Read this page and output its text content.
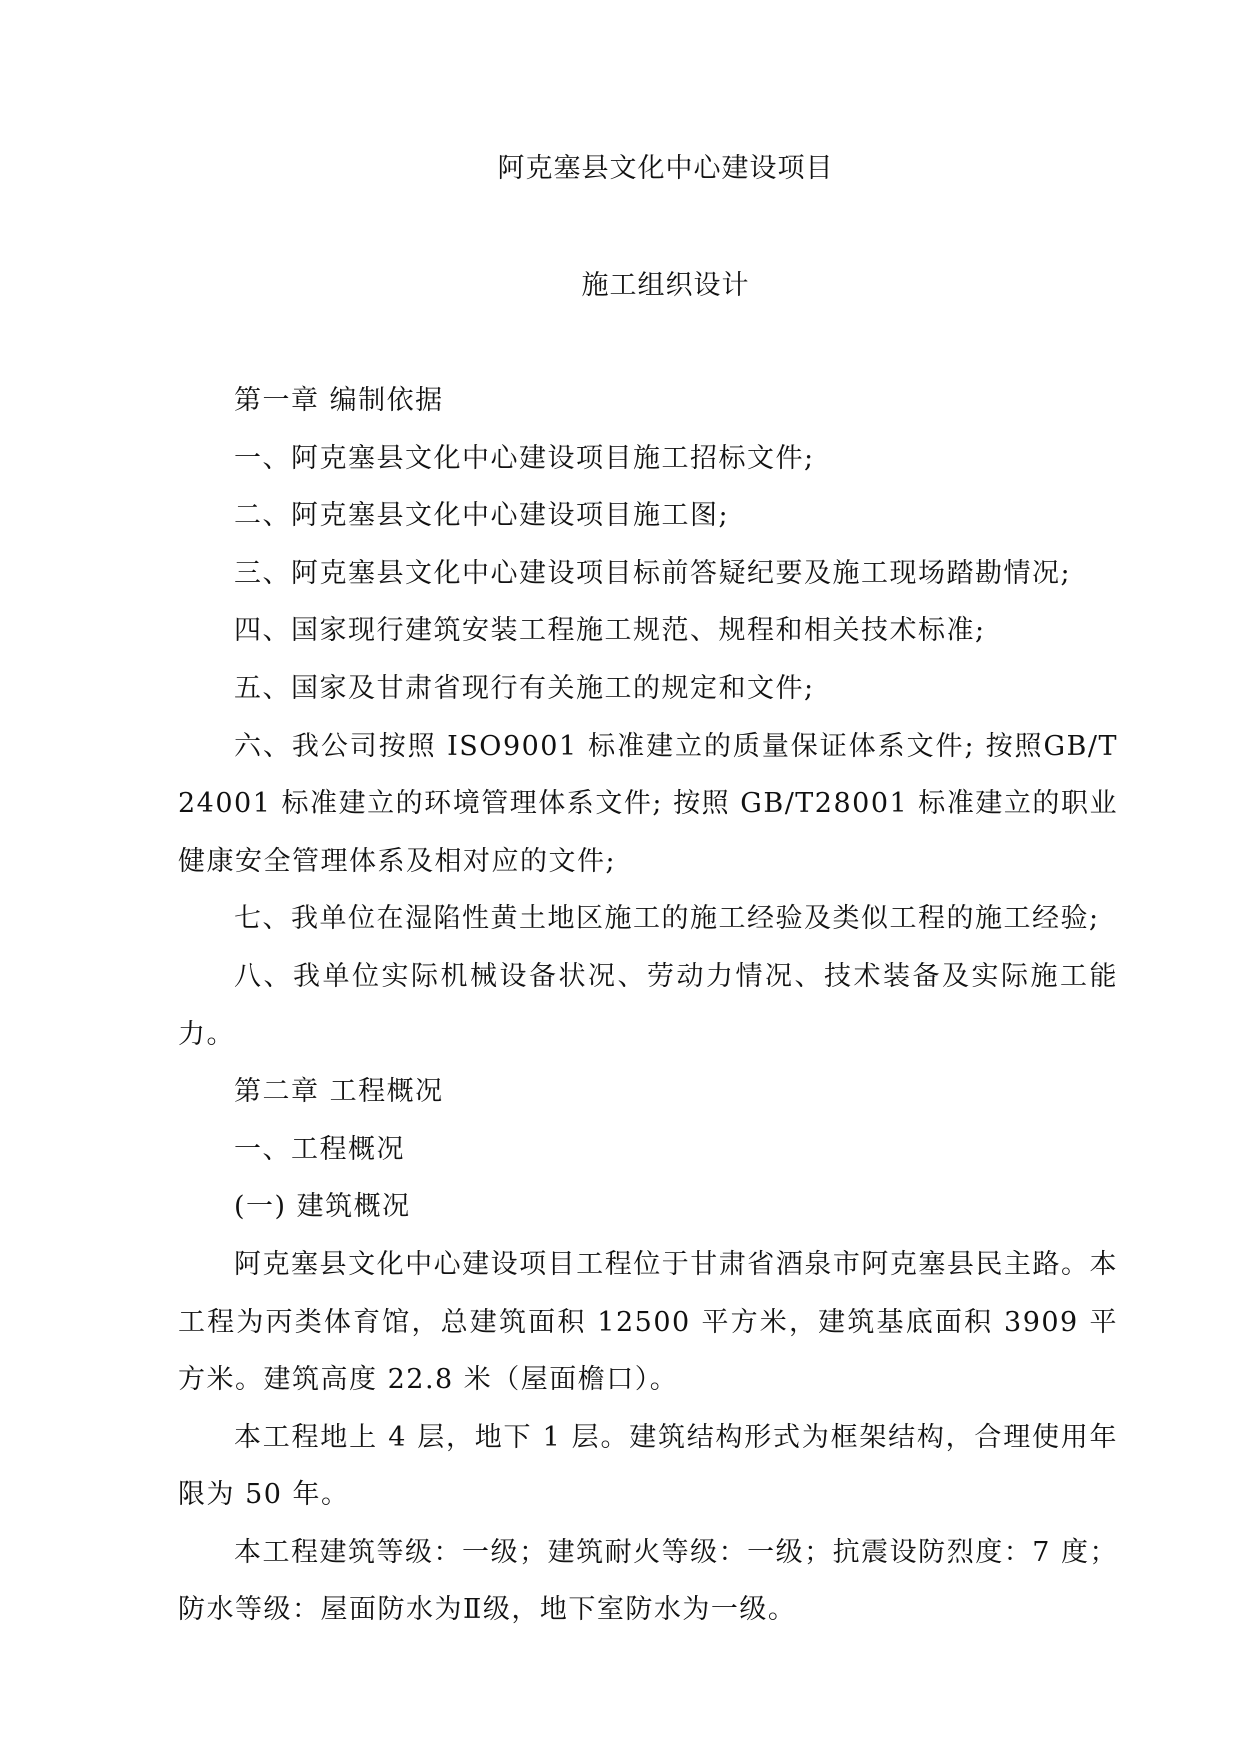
阿克塞县文化中心建设项目
施工组织设计

第一章 编制依据

一、阿克塞县文化中心建设项目施工招标文件;

二、阿克塞县文化中心建设项目施工图;

三、阿克塞县文化中心建设项目标前答疑纪要及施工现场踏勘情况;

四、国家现行建筑安装工程施工规范、规程和相关技术标准;

五、国家及甘肃省现行有关施工的规定和文件;

六、我公司按照 ISO9001 标准建立的质量保证体系文件; 按照GB/T24001 标准建立的环境管理体系文件; 按照 GB/T28001 标准建立的职业健康安全管理体系及相对应的文件;

七、我单位在湿陷性黄土地区施工的施工经验及类似工程的施工经验;

八、我单位实际机械设备状况、劳动力情况、技术装备及实际施工能力。

第二章 工程概况

一、工程概况

(一) 建筑概况

阿克塞县文化中心建设项目工程位于甘肃省酒泉市阿克塞县民主路。本工程为丙类体育馆，总建筑面积 12500 平方米，建筑基底面积 3909 平方米。建筑高度 22.8 米（屋面檐口）。

本工程地上 4 层，地下 1 层。建筑结构形式为框架结构，合理使用年限为 50 年。

本工程建筑等级：一级；建筑耐火等级：一级；抗震设防烈度：7 度；防水等级：屋面防水为Ⅱ级，地下室防水为一级。
